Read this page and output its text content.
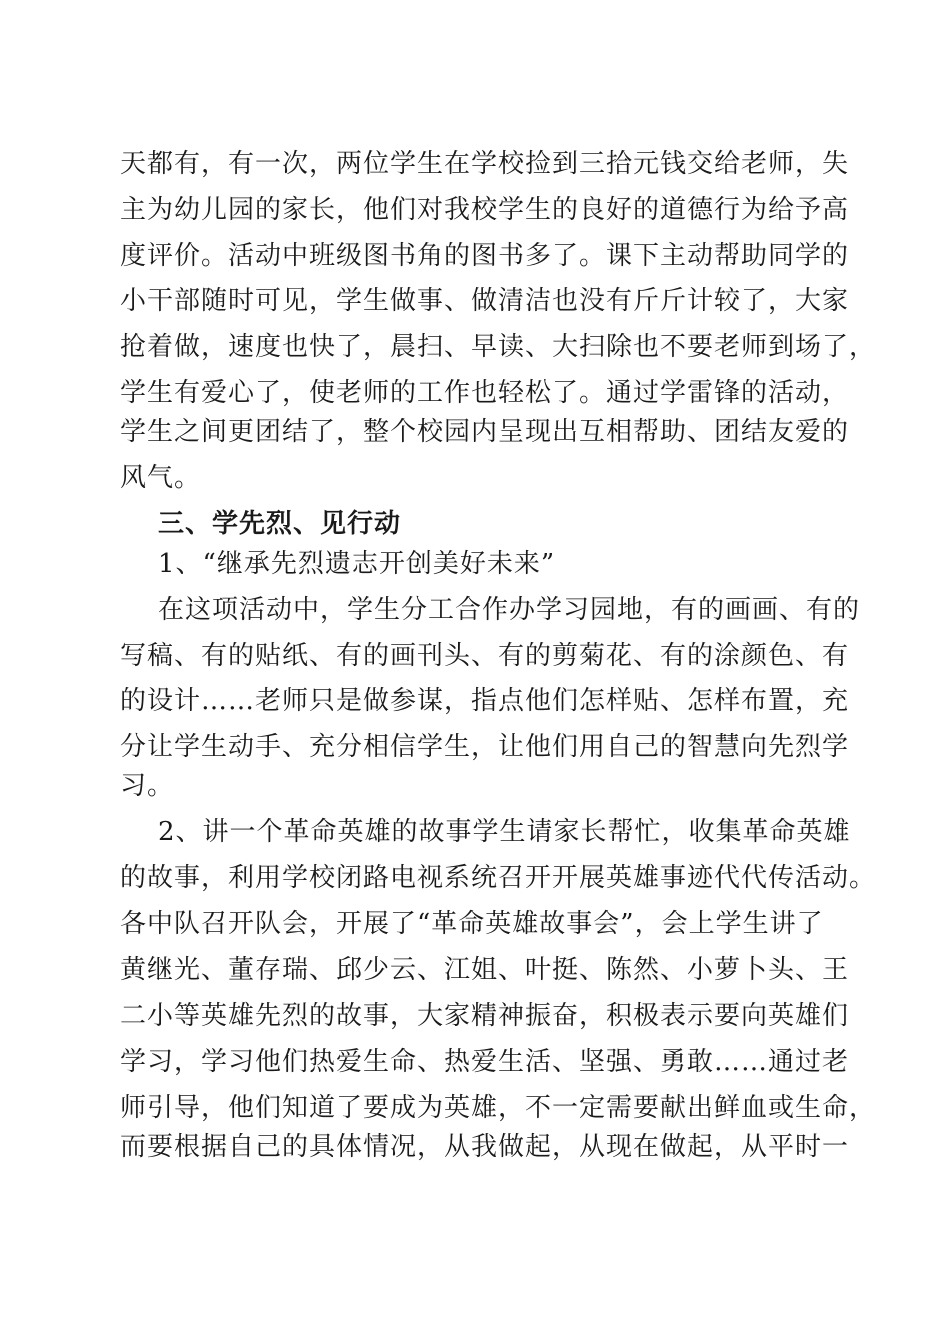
天都有，有一次，两位学生在学校捡到三拾元钱交给老师，失
主为幼儿园的家长，他们对我校学生的良好的道德行为给予高
度评价。活动中班级图书角的图书多了。课下主动帮助同学的
小干部随时可见，学生做事、做清洁也没有斤斤计较了，大家
抢着做，速度也快了，晨扫、早读、大扫除也不要老师到场了，
学生有爱心了，使老师的工作也轻松了。通过学雷锋的活动，
学生之间更团结了，整个校园内呈现出互相帮助、团结友爱的
风气。
三、学先烈、见行动
1、“继承先烈遗志开创美好未来”
在这项活动中，学生分工合作办学习园地，有的画画、有的
写稿、有的贴纸、有的画刊头、有的剪菊花、有的涂颜色、有
的设计……老师只是做参谋，指点他们怎样贴、怎样布置，充
分让学生动手、充分相信学生，让他们用自己的智慧向先烈学
习。
2、讲一个革命英雄的故事学生请家长帮忙，收集革命英雄
的故事，利用学校闭路电视系统召开开展英雄事迹代代传活动。
各中队召开队会，开展了“革命英雄故事会”，会上学生讲了
黄继光、董存瑞、邱少云、江姐、叶挺、陈然、小萝卜头、王
二小等英雄先烈的故事，大家精神振奋，积极表示要向英雄们
学习，学习他们热爱生命、热爱生活、坚强、勇敢……通过老
师引导，他们知道了要成为英雄，不一定需要献出鲜血或生命，
而要根据自己的具体情况，从我做起，从现在做起，从平时一
